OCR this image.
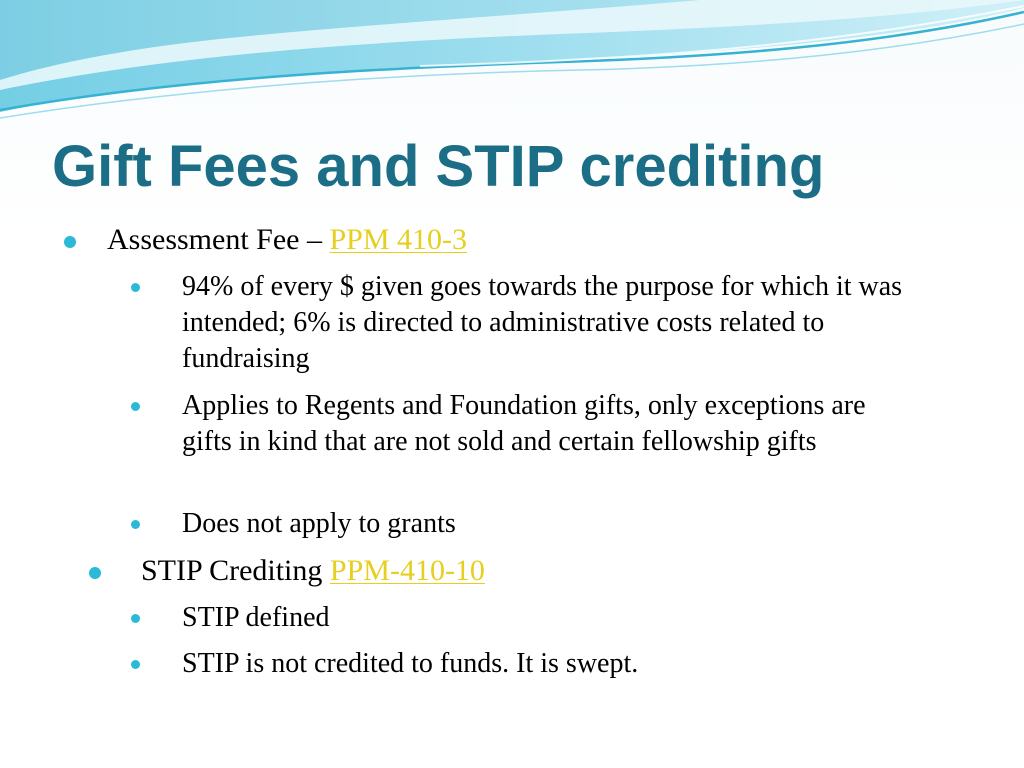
Gift Fees and STIP crediting
Assessment Fee – PPM 410-3
94% of every $ given goes towards the purpose for which it was intended; 6% is directed to administrative costs related to fundraising
Applies to Regents and Foundation gifts, only exceptions are gifts in kind that are not sold and certain fellowship gifts
Does not apply to grants
STIP Crediting PPM-410-10
STIP defined
STIP is not credited to funds. It is swept.
